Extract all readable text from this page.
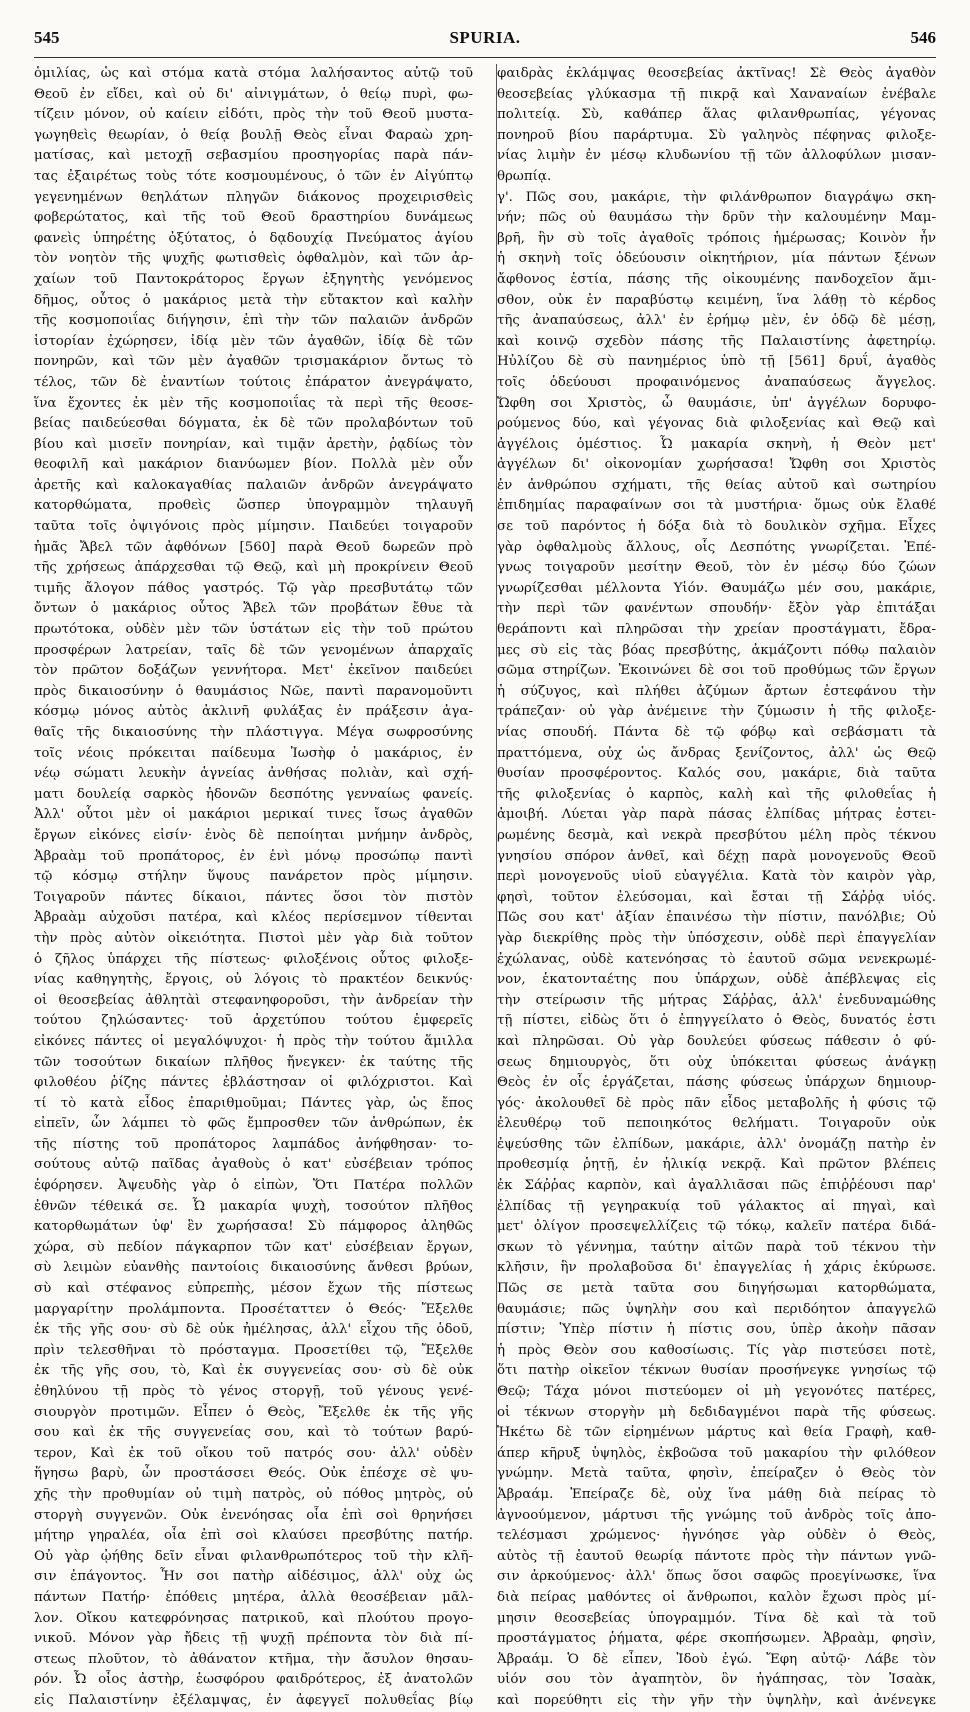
545	SPURIA.	546
ὁμιλίας, ὡς καὶ στόμα κατὰ στόμα λαλήσαντος αὐτῷ τοῦ
Θεοῦ ἐν εἴδει, καὶ οὐ δι' αἰνιγμάτων, ὁ θείῳ πυρὶ, φω-
τίζειν μόνον, οὐ καίειν εἰδότι, πρὸς τὴν τοῦ Θεοῦ μυστα-
γωγηθεὶς θεωρίαν, ὁ θείᾳ βουλῇ Θεὸς εἶναι Φαραὼ χρη-
ματίσας, καὶ μετοχῇ σεβασμίου προσηγορίας παρὰ πάν-
τας ἐξαιρέτως τοὺς τότε κοσμουμένους, ὁ τῶν ἐν Αἰγύπτῳ
γεγενημένων θεηλάτων πληγῶν διάκονος προχειρισθεὶς
φοβερώτατος, καὶ τῆς τοῦ Θεοῦ δραστηρίου δυνάμεως
φανεὶς ὑπηρέτης ὀξύτατος, ὁ δᾳδουχίᾳ Πνεύματος ἁγίου
τὸν νοητὸν τῆς ψυχῆς φωτισθεὶς ὀφθαλμὸν, καὶ τῶν ἀρ-
χαίων τοῦ Παντοκράτορος ἔργων ἐξηγητὴς γενόμενος
δῆμος, οὗτος ὁ μακάριος μετὰ τὴν εὔτακτον καὶ καλὴν
τῆς κοσμοποιΐας διήγησιν, ἐπὶ τὴν τῶν παλαιῶν ἀνδρῶν
ἱστορίαν ἐχώρησεν, ἰδίᾳ μὲν τῶν ἀγαθῶν, ἰδίᾳ δὲ τῶν
πονηρῶν, καὶ τῶν μὲν ἀγαθῶν τρισμακάριον ὄντως τὸ
τέλος, τῶν δὲ ἐναντίων τούτοις ἐπάρατον ἀνεγράψατο,
ἵνα ἔχοντες ἐκ μὲν τῆς κοσμοποιΐας τὰ περὶ τῆς θεοσε-
βείας παιδεύεσθαι δόγματα, ἐκ δὲ τῶν προλαβόντων τοῦ
βίου καὶ μισεῖν πονηρίαν, καὶ τιμᾷν ἀρετὴν, ῥᾳδίως τὸν
θεοφιλῆ καὶ μακάριον διανύωμεν βίον. Πολλὰ μὲν οὖν
ἀρετῆς καὶ καλοκαγαθίας παλαιῶν ἀνδρῶν ἀνεγράψατο
κατορθώματα, προθεὶς ὥσπερ ὑπογραμμὸν τηλαυγῆ
ταῦτα τοῖς ὀψιγόνοις πρὸς μίμησιν. Παιδεύει τοιγαροῦν
ἡμᾶς Ἄβελ τῶν ἀφθόνων [560] παρὰ Θεοῦ δωρεῶν πρὸ
τῆς χρήσεως ἀπάρχεσθαι τῷ Θεῷ, καὶ μὴ προκρίνειν Θεοῦ
τιμῆς ἄλογον πάθος γαστρός. Τῷ γὰρ πρεσβυτάτῳ τῶν
ὄντων ὁ μακάριος οὗτος Ἄβελ τῶν προβάτων ἔθυε τὰ
πρωτότοκα, οὐδὲν μὲν τῶν ὑστάτων εἰς τὴν τοῦ πρώτου
προσφέρων λατρείαν, ταῖς δὲ τῶν γενομένων ἀπαρχαῖς
τὸν πρῶτον δοξάζων γεννήτορα. Μετ' ἐκεῖνον παιδεύει
πρὸς δικαιοσύνην ὁ θαυμάσιος Νῶε, παντὶ παρανομοῦντι
κόσμῳ μόνος αὐτὸς ἀκλινῆ φυλάξας ἐν πράξεσιν ἀγα-
θαῖς τῆς δικαιοσύνης τὴν πλάστιγγα. Μέγα σωφροσύνης
τοῖς νέοις πρόκειται παίδευμα Ἰωσὴφ ὁ μακάριος, ἐν
νέῳ σώματι λευκὴν ἁγνείας ἀνθήσας πολιὰν, καὶ σχή-
ματι δουλείᾳ σαρκὸς ἡδονῶν δεσπότης γενναίως φανείς.
Ἀλλ' οὗτοι μὲν οἱ μακάριοι μερικαί τινες ἴσως ἀγαθῶν
ἔργων εἰκόνες εἰσίν· ἑνὸς δὲ πεποίηται μνήμην ἀνδρὸς,
Ἀβραὰμ τοῦ προπάτορος, ἐν ἑνὶ μόνῳ προσώπῳ παντὶ
τῷ κόσμῳ στήλην ὕψους πανάρετον πρὸς μίμησιν.
Τοιγαροῦν πάντες δίκαιοι, πάντες ὅσοι τὸν πιστὸν
Ἀβραὰμ αὐχοῦσι πατέρα, καὶ κλέος περίσεμνον τίθενται
τὴν πρὸς αὐτὸν οἰκειότητα. Πιστοὶ μὲν γὰρ διὰ τοῦτον
ὁ ζῆλος ὑπάρχει τῆς πίστεως· φιλοξένοις οὗτος φιλοξε-
νίας καθηγητὴς, ἔργοις, οὐ λόγοις τὸ πρακτέον δεικνύς·
οἱ θεοσεβείας ἀθλητὰὶ στεφανηφοροῦσι, τὴν ἀνδρείαν τὴν
τούτου ζηλώσαντες· τοῦ ἀρχετύπου τούτου ἐμφερεῖς
εἰκόνες πάντες οἱ μεγαλόψυχοι· ἡ πρὸς τὴν τούτου ἅμιλλα
τῶν τοσούτων δικαίων πλῆθος ἤνεγκεν· ἐκ ταύτης τῆς
φιλοθέου ῥίζης πάντες ἐβλάστησαν οἱ φιλόχριστοι. Καὶ
τί τὸ κατὰ εἶδος ἐπαριθμοῦμαι; Πάντες γὰρ, ὡς ἔπος
εἰπεῖν, ὧν λάμπει τὸ φῶς ἔμπροσθεν τῶν ἀνθρώπων, ἐκ
τῆς πίστης τοῦ προπάτορος λαμπάδος ἀνήφθησαν· το-
σούτους αὐτῷ παῖδας ἀγαθοὺς ὁ κατ' εὐσέβειαν τρόπος
ἐφόρησεν. Ἀψευδὴς γὰρ ὁ εἰπὼν, Ὅτι Πατέρα πολλῶν
ἐθνῶν τέθεικά σε. Ὦ μακαρία ψυχὴ, τοσούτον πλῆθος
κατορθωμάτων ὑφ' ἓν χωρήσασα! Σὺ πάμφορος ἀληθῶς
χώρα, σὺ πεδίον πάγκαρπον τῶν κατ' εὐσέβειαν ἔργων,
σὺ λειμὼν εὐανθὴς παντοίοις δικαιοσύνης ἄνθεσι βρύων,
σὺ καὶ στέφανος εὐπρεπὴς, μέσον ἔχων τῆς πίστεως
μαργαρίτην προλάμποντα. Προσέταττεν ὁ Θεός· Ἔξελθε
ἐκ τῆς γῆς σου· σὺ δὲ οὐκ ἠμέλησας, ἀλλ' εἶχου τῆς ὁδοῦ,
πρὶν τελεσθῆναι τὸ πρόσταγμα. Προσετίθει τῷ, Ἔξελθε
ἐκ τῆς γῆς σου, τὸ, Καὶ ἐκ συγγενείας σου· σὺ δὲ οὐκ
ἐθηλύνου τῇ πρὸς τὸ γένος στοργῇ, τοῦ γένους γενέ-
σιουργὸν προτιμῶν. Εἶπεν ὁ Θεὸς, Ἔξελθε ἐκ τῆς γῆς
σου καὶ ἐκ τῆς συγγενείας σου, καὶ τὸ τούτων βαρύ-
τερον, Καὶ ἐκ τοῦ οἴκου τοῦ πατρός σου· ἀλλ' οὐδὲν
ἥγησω βαρὺ, ὧν προστάσσει Θεός. Οὐκ ἐπέσχε σὲ ψυ-
χῆς τὴν προθυμίαν οὐ τιμὴ πατρὸς, οὐ πόθος μητρὸς, οὐ
στοργὴ συγγενῶν. Οὐκ ἐνενόησας οἷα ἐπὶ σοὶ θρηνήσει
μήτηρ γηραλέα, οἷα ἐπὶ σοὶ κλαύσει πρεσβύτης πατήρ.
Οὐ γὰρ ᾠήθης δεῖν εἶναι φιλανθρωπότερος τοῦ τὴν κλῆ-
σιν ἐπάγοντος. Ἦν σοι πατὴρ αἰδέσιμος, ἀλλ' οὐχ ὡς
πάντων Πατήρ· ἐπόθεις μητέρα, ἀλλὰ θεοσέβειαν μᾶλ-
λον. Οἴκου κατεφρόνησας πατρικοῦ, καὶ πλούτου προγο-
νικοῦ. Μόνον γὰρ ἤδεις τῇ ψυχῇ πρέποντα τὸν διὰ πί-
στεως πλοῦτον, τὸ ἀθάνατον κτῆμα, τὴν ἄσυλον θησαυ-
ρόν. Ὦ οἷος ἀστὴρ, ἑωσφόρου φαιδρότερος, ἐξ ἀνατολῶν
εἰς Παλαιστίνην ἐξέλαμψας, ἐν ἀφεγγεῖ πολυθεΐας βίῳ
φαιδρὰς ἐκλάμψας θεοσεβείας ἀκτῖνας! Σὲ Θεὸς ἀγαθὸν
θεοσεβείας γλύκασμα τῇ πικρᾷ καὶ Χαναναίων ἐνέβαλε
πολιτείᾳ. Σὺ, καθάπερ ἅλας φιλανθρωπίας, γέγονας
πονηροῦ βίου παράρτυμα. Σὺ γαληνὸς πέφηνας φιλοξε-
νίας λιμὴν ἐν μέσῳ κλυδωνίου τῇ τῶν ἀλλοφύλων μισαν-
θρωπίᾳ.
γ'. Πῶς σου, μακάριε, τὴν φιλάνθρωπον διαγράψω σκη-
νήν; πῶς οὐ θαυμάσω τὴν δρῦν τὴν καλουμένην Μαμ-
βρῆ, ἣν σὺ τοῖς ἀγαθοῖς τρόποις ἡμέρωσας; Κοινὸν ἦν
ἡ σκηνὴ τοῖς ὁδεύουσιν οἰκητήριον, μία πάντων ξένων
ἄφθονος ἑστία, πάσης τῆς οἰκουμένης πανδοχεῖον ἄμι-
σθον, οὐκ ἐν παραβύστῳ κειμένη, ἵνα λάθῃ τὸ κέρδος
τῆς ἀναπαύσεως, ἀλλ' ἐν ἐρήμῳ μὲν, ἐν ὁδῷ δὲ μέσῃ,
καὶ κοινῷ σχεδὸν πάσης τῆς Παλαιστίνης ἀφετηρίῳ.
Ηὐλίζου δὲ σὺ πανημέριος ὑπὸ τῇ [561] δρυΐ, ἀγαθὸς
τοῖς ὁδεύουσι προφαινόμενος ἀναπαύσεως ἄγγελος.
Ὤφθη σοι Χριστὸς, ὦ θαυμάσιε, ὑπ' ἀγγέλων δορυφο-
ρούμενος δύο, καὶ γέγονας διὰ φιλοξενίας καὶ Θεῷ καὶ
ἀγγέλοις ὁμέστιος. Ὦ μακαρία σκηνὴ, ἡ Θεὸν μετ'
ἀγγέλων δι' οἰκονομίαν χωρήσασα! Ὤφθη σοι Χριστὸς
ἐν ἀνθρώπου σχήματι, τῆς θείας αὐτοῦ καὶ σωτηρίου
ἐπιδημίας παραφαίνων σοι τὰ μυστήρια· ὅμως οὐκ ἔλαθέ
σε τοῦ παρόντος ἡ δόξα διὰ τὸ δουλικὸν σχῆμα. Εἶχες
γὰρ ὀφθαλμοὺς ἄλλους, οἷς Δεσπότης γνωρίζεται. Ἐπέ-
γνως τοιγαροῦν μεσίτην Θεοῦ, τὸν ἐν μέσῳ δύο ζώων
γνωρίζεσθαι μέλλοντα Υἱόν. Θαυμάζω μέν σου, μακάριε,
τὴν περὶ τῶν φανέντων σπουδήν· ἔξὸν γὰρ ἐπιτάξαι
θεράποντι καὶ πληρῶσαι τὴν χρείαν προστάγματι, ἔδρα-
μες σὺ εἰς τὰς βόας πρεσβύτης, ἀκμάζοντι πόθῳ παλαιὸν
σῶμα στηρίζων. Ἐκοινώνει δὲ σοι τοῦ προθύμως τῶν ἔργων
ἡ σύζυγος, καὶ πλήθει ἀζύμων ἄρτων ἐστεφάνου τὴν
τράπεζαν· οὐ γὰρ ἀνέμεινε τὴν ζύμωσιν ἡ τῆς φιλοξε-
νίας σπουδή. Πάντα δὲ τῷ φόβῳ καὶ σεβάσματι τὰ
πραττόμενα, οὐχ ὡς ἄνδρας ξενίζοντος, ἀλλ' ὡς Θεῷ
θυσίαν προσφέροντος. Καλός σου, μακάριε, διὰ ταῦτα
τῆς φιλοξενίας ὁ καρπὸς, καλὴ καὶ τῆς φιλοθεΐας ἡ
ἀμοιβή. Λύεται γὰρ παρὰ πάσας ἐλπίδας μήτρας ἐστει-
ρωμένης δεσμὰ, καὶ νεκρὰ πρεσβύτου μέλη πρὸς τέκνου
γνησίου σπόρον ἀνθεῖ, καὶ δέχῃ παρὰ μονογενοῦς Θεοῦ
περὶ μονογενοῦς υἱοῦ εὐαγγέλια. Κατὰ τὸν καιρὸν γὰρ,
φησὶ, τοῦτον ἐλεύσομαι, καὶ ἔσται τῇ Σάῤῥᾳ υἱός.
Πῶς σου κατ' ἀξίαν ἐπαινέσω τὴν πίστιν, πανόλβιε; Οὐ
γὰρ διεκρίθης πρὸς τὴν ὑπόσχεσιν, οὐδὲ περὶ ἐπαγγελίαν
ἐχώλανας, οὐδὲ κατενόησας τὸ ἑαυτοῦ σῶμα νενεκρωμέ-
νον, ἑκατονταέτης που ὑπάρχων, οὐδὲ ἀπέβλεψας εἰς
τὴν στείρωσιν τῆς μήτρας Σάῤῥας, ἀλλ' ἐνεδυναμώθης
τῇ πίστει, εἰδὼς ὅτι ὁ ἐπηγγείλατο ὁ Θεὸς, δυνατός ἐστι
καὶ πληρῶσαι. Οὐ γὰρ δουλεύει φύσεως πάθεσιν ὁ φύ-
σεως δημιουργὸς, ὅτι οὐχ ὑπόκειται φύσεως ἀνάγκῃ
Θεὸς ἐν οἷς ἐργάζεται, πάσης φύσεως ὑπάρχων δημιουρ-
γός· ἀκολουθεῖ δὲ πρὸς πᾶν εἶδος μεταβολῆς ἡ φύσις τῷ
ἐλευθέρῳ τοῦ πεποιηκότος θελήματι. Τοιγαροῦν οὐκ
ἐψεύσθης τῶν ἐλπίδων, μακάριε, ἀλλ' ὀνομάζῃ πατὴρ ἐν
προθεσμίᾳ ῥητῇ, ἐν ἡλικίᾳ νεκρᾷ. Καὶ πρῶτον βλέπεις
ἐκ Σάῤῥας καρπὸν, καὶ ἀγαλλιᾶσαι πῶς ἐπιῤῥέουσι παρ'
ἐλπίδας τῇ γεγηρακυίᾳ τοῦ γάλακτος αἱ πηγαὶ, καὶ
μετ' ὀλίγον προσεψελλίζεις τῷ τόκῳ, καλεῖν πατέρα διδά-
σκων τὸ γέννημα, ταύτην αἰτῶν παρὰ τοῦ τέκνου τὴν
κλῆσιν, ἣν προλαβοῦσα δι' ἐπαγγελίας ἡ χάρις ἐκύρωσε.
Πῶς σε μετὰ ταῦτα σου διηγήσωμαι κατορθώματα,
θαυμάσιε; πῶς ὑψηλὴν σου καὶ περιδόητον ἀπαγγελῶ
πίστιν; Ὑπὲρ πίστιν ἡ πίστις σου, ὑπὲρ ἀκοὴν πᾶσαν
ἡ πρὸς Θεὸν σου καθοσίωσις. Τίς γὰρ πιστεύσει ποτὲ,
ὅτι πατὴρ οἰκεῖον τέκνων θυσίαν προσήνεγκε γνησίως τῷ
Θεῷ; Τάχα μόνοι πιστεύομεν οἱ μὴ γεγονότες πατέρες,
οἱ τέκνων στοργὴν μὴ δεδιδαγμένοι παρὰ τῆς φύσεως.
Ἡκέτω δὲ τῶν εἰρημένων μάρτυς καὶ θεία Γραφὴ, καθ-
άπερ κῆρυξ ὑψηλὸς, ἐκβοῶσα τοῦ μακαρίου τὴν φιλόθεον
γνώμην. Μετὰ ταῦτα, φησὶν, ἐπείραζεν ὁ Θεὸς τὸν
Ἀβραάμ. Ἐπείραζε δὲ, οὐχ ἵνα μάθῃ διὰ πείρας τὸ
ἀγνοούμενον, μάρτυσι τῆς γνώμης τοῦ ἀνδρὸς τοῖς ἀπο-
τελέσμασι χρώμενος· ἠγνόησε γὰρ οὐδὲν ὁ Θεὸς,
αὐτὸς τῇ ἑαυτοῦ θεωρίᾳ πάντοτε πρὸς τὴν πάντων γνῶ-
σιν ἀρκούμενος· ἀλλ' ὅπως ὅσοι σαφῶς προεγίνωσκε, ἵνα
διὰ πείρας μαθόντες οἱ ἄνθρωποι, καλὸν ἔχωσι πρὸς μί-
μησιν θεοσεβείας ὑπογραμμόν. Τίνα δὲ καὶ τὰ τοῦ
προστάγματος ῥήματα, φέρε σκοπήσωμεν. Ἀβραὰμ, φησὶν,
Ἀβραάμ. Ὁ δὲ εἶπεν, Ἰδοὺ ἐγώ. Ἔφη αὐτῷ· Λάβε τὸν
υἱόν σου τὸν ἀγαπητὸν, ὃν ἠγάπησας, τὸν Ἰσαὰκ,
καὶ πορεύθητι εἰς τὴν γῆν τὴν ὑψηλὴν, καὶ ἀνένεγκε
